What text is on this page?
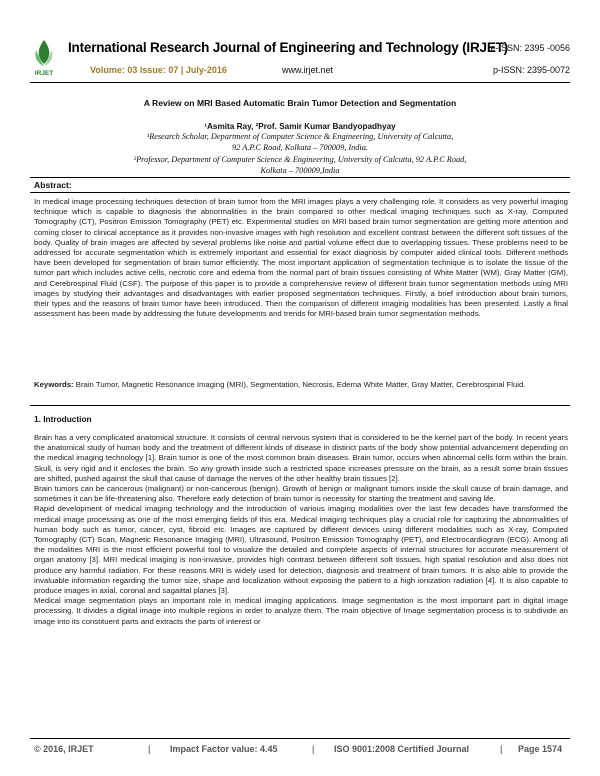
IRJET
International Research Journal of Engineering and Technology (IRJET)
e-ISSN: 2395 -0056
Volume: 03 Issue: 07 | July-2016	www.irjet.net	p-ISSN: 2395-0072
A Review on MRI Based Automatic Brain Tumor Detection and Segmentation
¹Asmita Ray, ²Prof. Samir Kumar Bandyopadhyay
¹Research Scholar, Department of Computer Science & Engineering, University of Calcutta,
92 A.P.C Road, Kolkata – 700009, India.
²Professor, Department of Computer Science & Engineering, University of Calcutta, 92 A.P.C Road,
Kolkata – 700009,India
Abstract:

In medical image processing techniques detection of brain tumor from the MRI images plays a very challenging role. It considers as very powerful imaging technique which is capable to diagnosis the abnormalities in the brain compared to other medical imaging techniques such as X-ray, Computed Tomography (CT), Positron Emission Tomography (PET) etc. Experimental studies on MRI based brain tumor segmentation are getting more attention and coming closer to clinical acceptance as it provides non-invasive images with high resolution and excellent contrast between the different soft tissues of the body. Quality of brain images are affected by several problems like noise and partial volume effect due to overlapping tissues. These problems need to be addressed for accurate segmentation which is extremely important and essential for exact diagnosis by computer aided clinical tools. Different methods have been developed for segmentation of brain tumor efficiently. The most important application of segmentation technique is to isolate the tissue of the tumor part which includes active cells, necrotic core and edema from the normal part of brain tissues consisting of White Matter (WM), Gray Matter (GM), and Cerebrospinal Fluid (CSF). The purpose of this paper is to provide a comprehensive review of different brain tumor segmentation methods using MRI images by studying their advantages and disadvantages with earlier proposed segmentation techniques. Firstly, a brief introduction about brain tumors, their types and the reasons of brain tumor have been introduced. Then the comparison of different imaging modalities has been presented. Lastly a final assessment has been made by addressing the future developments and trends for MRI-based brain tumor segmentation methods.

Keywords: Brain Tumor, Magnetic Resonance Imaging (MRI), Segmentation, Necrosis, Edema White Matter, Gray Matter, Cerebrospinal Fluid.

1. Introduction

Brain has a very complicated anatomical structure. It consists of central nervous system that is considered to be the kernel part of the body. In recent years the anatomical study of human body and the treatment of different kinds of disease in distinct parts of the body show potential advancement depending on the medical imaging technology [1]. Brain tumor is one of the most common brain diseases. Brain tumor, occurs when abnormal cells form within the brain. Skull, is very rigid and it encloses the brain. So any growth inside such a restricted space increases pressure on the brain, as a result some brain tissues are shifted, pushed against the skull that cause of damage the nerves of the other healthy brain tissues [2].

Brain tumors can be cancerous (malignant) or non-cancerous (benign). Growth of benign or malignant tumors inside the skull cause of brain damage, and sometimes it can be life-threatening also. Therefore early detection of brain tumor is necessity for starting the treatment and saving life.

Rapid development of medical imaging technology and the introduction of various imaging modalities over the last few decades have transformed the medical image processing as one of the most emerging fields of this era. Medical imaging techniques play a crucial role for capturing the abnormalities of human body such as tumor, cancer, cyst, fibroid etc. Images are captured by different devices using different modalities such as X-ray, Computed Tomography (CT) Scan, Magnetic Resonance Imaging (MRI), Ultrasound, Positron Emission Tomography (PET), and Electrocardiogram (ECG). Among all the modalities MRI is the most efficient powerful tool to visualize the detailed and complete aspects of internal structures for accurate measurement of organ anatomy [3]. MRI medical imaging is non-invasive, provides high contrast between different soft tissues, high spatial resolution and also does not produce any harmful radiation. For these reasons MRI is widely used for detection, diagnosis and treatment of brain tumors. It is also able to provide the invaluable information regarding the tumor size, shape and localization without exposing the patient to a high ionization radiation [4]. It is also capable to produce images in axial, coronal and sagaittal planes [3].

Medical image segmentation plays an important role in medical imaging applications. Image segmentation is the most important part in digital image processing. It divides a digital image into multiple regions in order to analyze them. The main objective of Image segmentation process is to subdivide an image into its constituent parts and extracts the parts of interest or

© 2016, IRJET	| Impact Factor value: 4.45	| ISO 9001:2008 Certified Journal	| Page 1574
